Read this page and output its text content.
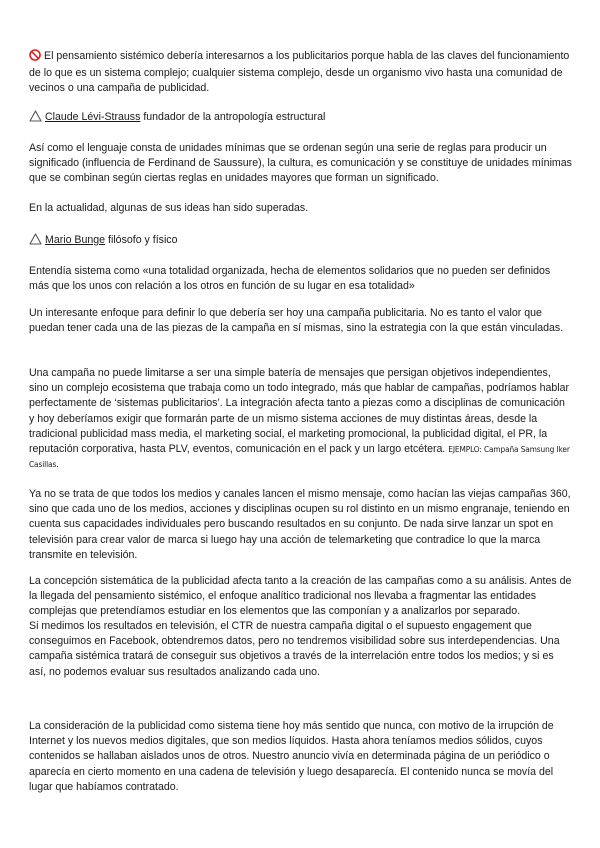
El pensamiento sistémico debería interesarnos a los publicitarios porque habla de las claves del funcionamiento de lo que es un sistema complejo; cualquier sistema complejo, desde un organismo vivo hasta una comunidad de vecinos o una campaña de publicidad.

Claude Lévi-Strauss fundador de la antropología estructural

Así como el lenguaje consta de unidades mínimas que se ordenan según una serie de reglas para producir un significado (influencia de Ferdinand de Saussure), la cultura, es comunicación y se constituye de unidades mínimas que se combinan según ciertas reglas en unidades mayores que forman un significado.

En la actualidad, algunas de sus ideas han sido superadas.

Mario Bunge filósofo y físico

Entendía sistema como «una totalidad organizada, hecha de elementos solidarios que no pueden ser definidos más que los unos con relación a los otros en función de su lugar en esa totalidad»

Un interesante enfoque para definir lo que debería ser hoy una campaña publicitaria. No es tanto el valor que puedan tener cada una de las piezas de la campaña en sí mismas, sino la estrategia con la que están vinculadas.

Una campaña no puede limitarse a ser una simple batería de mensajes que persigan objetivos independientes, sino un complejo ecosistema que trabaja como un todo integrado, más que hablar de campañas, podríamos hablar perfectamente de ‘sistemas publicitarios’. La integración afecta tanto a piezas como a disciplinas de comunicación y hoy deberíamos exigir que formarán parte de un mismo sistema acciones de muy distintas áreas, desde la tradicional publicidad mass media, el marketing social, el marketing promocional, la publicidad digital, el PR, la reputación corporativa, hasta PLV, eventos, comunicación en el pack y un largo etcétera. EJEMPLO: Campaña Samsung Iker Casillas.

Ya no se trata de que todos los medios y canales lancen el mismo mensaje, como hacían las viejas campañas 360, sino que cada uno de los medios, acciones y disciplinas ocupen su rol distinto en un mismo engranaje, teniendo en cuenta sus capacidades individuales pero buscando resultados en su conjunto. De nada sirve lanzar un spot en televisión para crear valor de marca si luego hay una acción de telemarketing que contradice lo que la marca transmite en televisión.

La concepción sistemática de la publicidad afecta tanto a la creación de las campañas como a su análisis. Antes de la llegada del pensamiento sistémico, el enfoque analítico tradicional nos llevaba a fragmentar las entidades complejas que pretendíamos estudiar en los elementos que las componían y a analizarlos por separado.

Si medimos los resultados en televisión, el CTR de nuestra campaña digital o el supuesto engagement que conseguimos en Facebook, obtendremos datos, pero no tendremos visibilidad sobre sus interdependencias. Una campaña sistémica tratará de conseguir sus objetivos a través de la interrelación entre todos los medios; y si es así, no podemos evaluar sus resultados analizando cada uno.

La consideración de la publicidad como sistema tiene hoy más sentido que nunca, con motivo de la irrupción de Internet y los nuevos medios digitales, que son medios líquidos. Hasta ahora teníamos medios sólidos, cuyos contenidos se hallaban aislados unos de otros. Nuestro anuncio vivía en determinada página de un periódico o aparecía en cierto momento en una cadena de televisión y luego desaparecía. El contenido nunca se movía del lugar que habíamos contratado.
